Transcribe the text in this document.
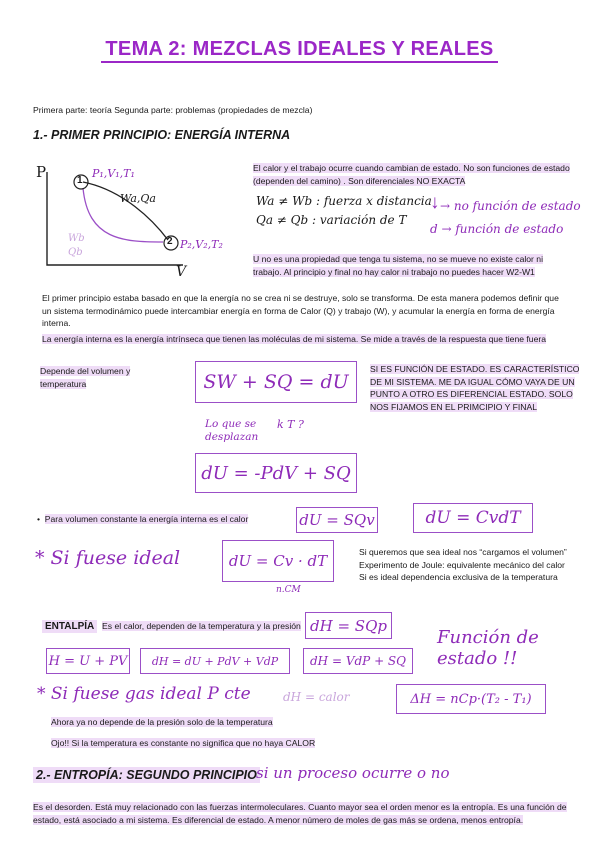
TEMA 2: MEZCLAS IDEALES Y REALES
Primera parte: teoría Segunda parte: problemas (propiedades de mezcla)
1.- PRIMER PRINCIPIO: ENERGÍA INTERNA
P
V
1
2
P₁,V₁,T₁
P₂,V₂,T₂
Wa,Qa
Wb
Qb
El calor y el trabajo ocurre cuando cambian de estado. No son funciones de estado (dependen del camino) . Son diferenciales NO EXACTA
Wa ≠ Wb : fuerza x distancia
Qa ≠ Qb : variación de T
↓ → no función de estado
d → función de estado
U no es una propiedad que tenga tu sistema, no se mueve no existe calor ni trabajo. Al principio y final no hay calor ni trabajo no puedes hacer W2-W1
El primer principio estaba basado en que la energía no se crea ni se destruye, solo se transforma. De esta manera podemos definir que un sistema termodinámico puede intercambiar energía en forma de Calor (Q) y trabajo (W), y acumular la energía en forma de energía interna.
La energía interna es la energía intrínseca que tienen las moléculas de mi sistema. Se mide a través de la respuesta que tiene fuera
Depende del volumen y temperatura	SW + SQ = dU
Lo que se desplazan
k T ?
SI ES FUNCIÓN DE ESTADO. ES CARACTERÍSTICO DE MI SISTEMA. ME DA IGUAL CÓMO VAYA DE UN PUNTO A OTRO ES DIFERENCIAL ESTADO. SOLO NOS FIJAMOS EN EL PRIMCIPIO Y FINAL
dU = -PdV + SQ
•  Para volumen constante la energía interna es el calor	dU = SQv	dU = CvdT
* Si fuese ideal	dU = Cv · dT
n.CM
Si queremos que sea ideal nos “cargamos el volumen”
Experimento de Joule: equivalente mecánico del calor
Si es ideal dependencia exclusiva de la temperatura
ENTALPÍA Es el calor, dependen de la temperatura y la presión dH = SQp
Función de estado !!
H = U + PV	dH = dU + PdV + VdP	dH = VdP + SQ
* Si fuese gas ideal P cte	dH = calor	ΔH = nCp·(T₂ - T₁)
Ahora ya no depende de la presión solo de la temperatura
Ojo!! Si la temperatura es constante no significa que no haya CALOR
2.- ENTROPÍA: SEGUNDO PRINCIPIO si un proceso ocurre o no
Es el desorden. Está muy relacionado con las fuerzas intermoleculares. Cuanto mayor sea el orden menor es la entropía. Es una función de estado, está asociado a mi sistema. Es diferencial de estado. A menor número de moles de gas más se ordena, menos entropía.
